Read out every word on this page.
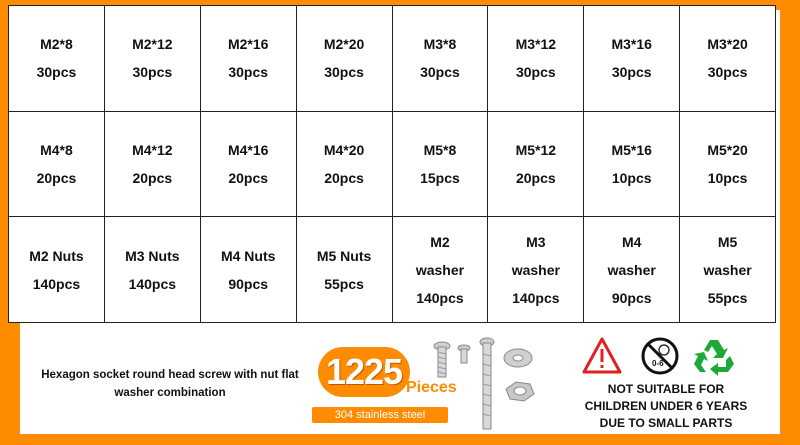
M2*8
30pcs
M2*12
30pcs
M2*16
30pcs
M2*20
30pcs
M3*8
30pcs
M3*12
30pcs
M3*16
30pcs
M3*20
30pcs
M4*8
20pcs
M4*12
20pcs
M4*16
20pcs
M4*20
20pcs
M5*8
15pcs
M5*12
20pcs
M5*16
10pcs
M5*20
10pcs
M2 Nuts
140pcs
M3 Nuts
140pcs
M4 Nuts
90pcs
M5 Nuts
55pcs
M2
washer
140pcs
M3
washer
140pcs
M4
washer
90pcs
M5
washer
55pcs
Hexagon socket round head screw with nut flat
washer combination
1225 Pieces
304 stainless steel
0-6
NOT SUITABLE FOR
CHILDREN UNDER 6 YEARS
DUE TO SMALL PARTS
